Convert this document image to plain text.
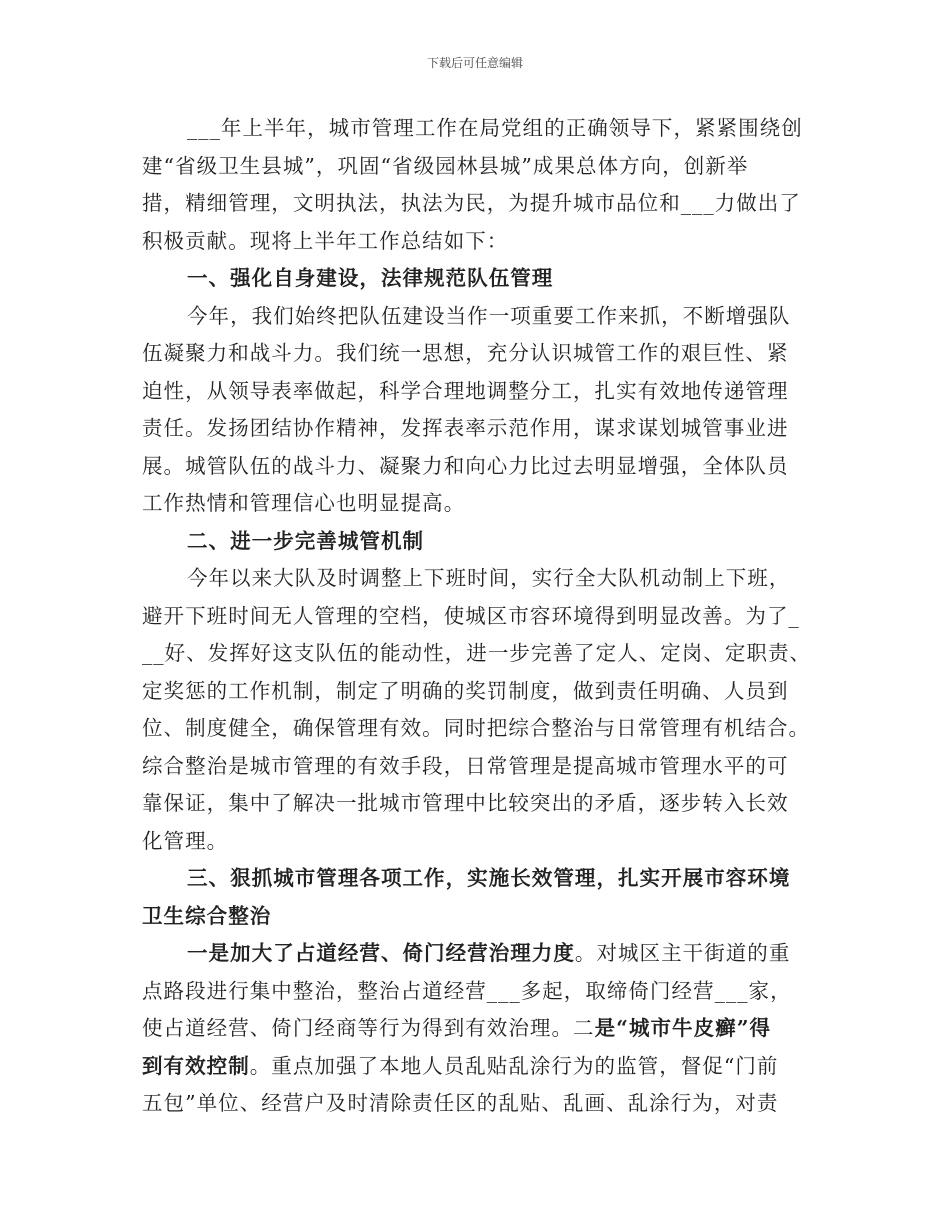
下载后可任意编辑
___年上半年，城市管理工作在局党组的正确领导下，紧紧围绕创
建“省级卫生县城”，巩固“省级园林县城”成果总体方向，创新举
措，精细管理，文明执法，执法为民，为提升城市品位和___力做出了
积极贡献。现将上半年工作总结如下：
一、强化自身建设，法律规范队伍管理
今年，我们始终把队伍建设当作一项重要工作来抓，不断增强队
伍凝聚力和战斗力。我们统一思想，充分认识城管工作的艰巨性、紧
迫性，从领导表率做起，科学合理地调整分工，扎实有效地传递管理
责任。发扬团结协作精神，发挥表率示范作用，谋求谋划城管事业进
展。城管队伍的战斗力、凝聚力和向心力比过去明显增强，全体队员
工作热情和管理信心也明显提高。
二、进一步完善城管机制
今年以来大队及时调整上下班时间，实行全大队机动制上下班，
避开下班时间无人管理的空档，使城区市容环境得到明显改善。为了_
__好、发挥好这支队伍的能动性，进一步完善了定人、定岗、定职责、
定奖惩的工作机制，制定了明确的奖罚制度，做到责任明确、人员到
位、制度健全，确保管理有效。同时把综合整治与日常管理有机结合。
综合整治是城市管理的有效手段，日常管理是提高城市管理水平的可
靠保证，集中了解决一批城市管理中比较突出的矛盾，逐步转入长效
化管理。
三、狠抓城市管理各项工作，实施长效管理，扎实开展市容环境
卫生综合整治
一是加大了占道经营、倚门经营治理力度。对城区主干街道的重
点路段进行集中整治，整治占道经营___多起，取缔倚门经营___家，
使占道经营、倚门经商等行为得到有效治理。二是“城市牛皮癣”得
到有效控制。重点加强了本地人员乱贴乱涂行为的监管，督促“门前
五包”单位、经营户及时清除责任区的乱贴、乱画、乱涂行为，对责
